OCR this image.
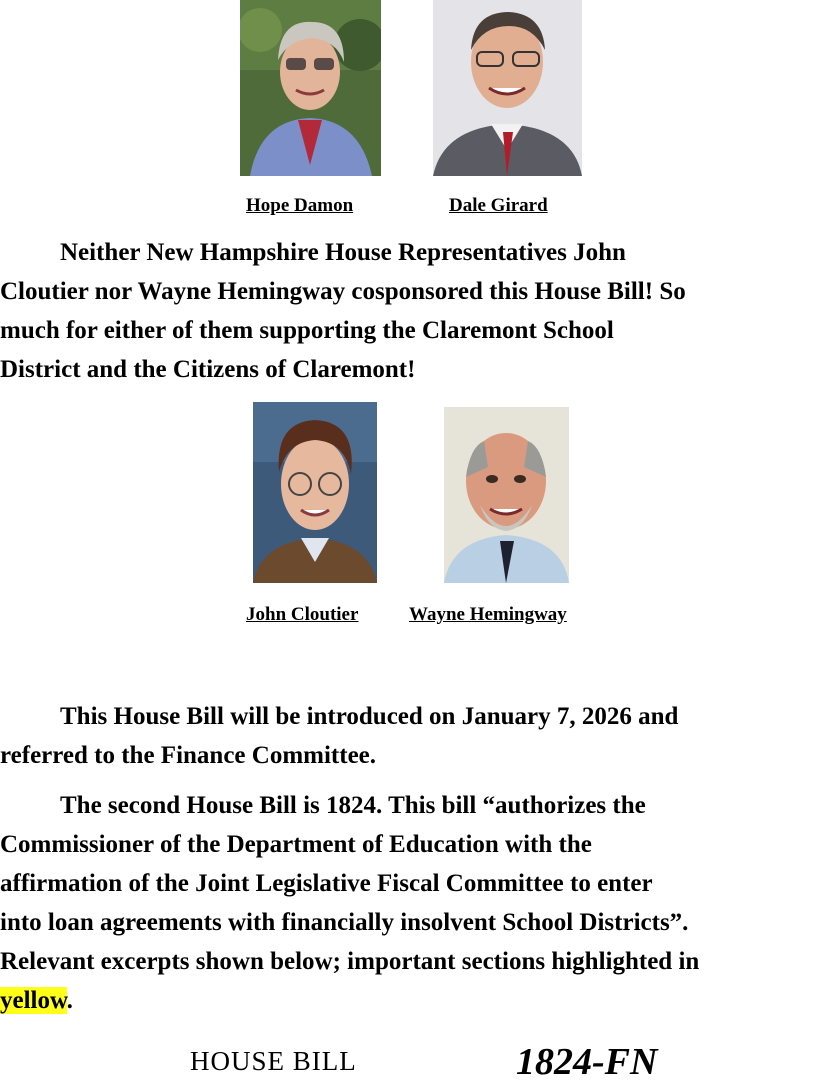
Hope Damon	Dale Girard

Neither New Hampshire House Representatives John
Cloutier nor Wayne Hemingway cosponsored this House Bill! So
much for either of them supporting the Claremont School
District and the Citizens of Claremont!

John Cloutier	Wayne Hemingway

This House Bill will be introduced on January 7, 2026 and
referred to the Finance Committee.

The second House Bill is 1824. This bill “authorizes the
Commissioner of the Department of Education with the
affirmation of the Joint Legislative Fiscal Committee to enter
into loan agreements with financially insolvent School Districts”.
Relevant excerpts shown below; important sections highlighted in
yellow.

HOUSE BILL	1824-FN
